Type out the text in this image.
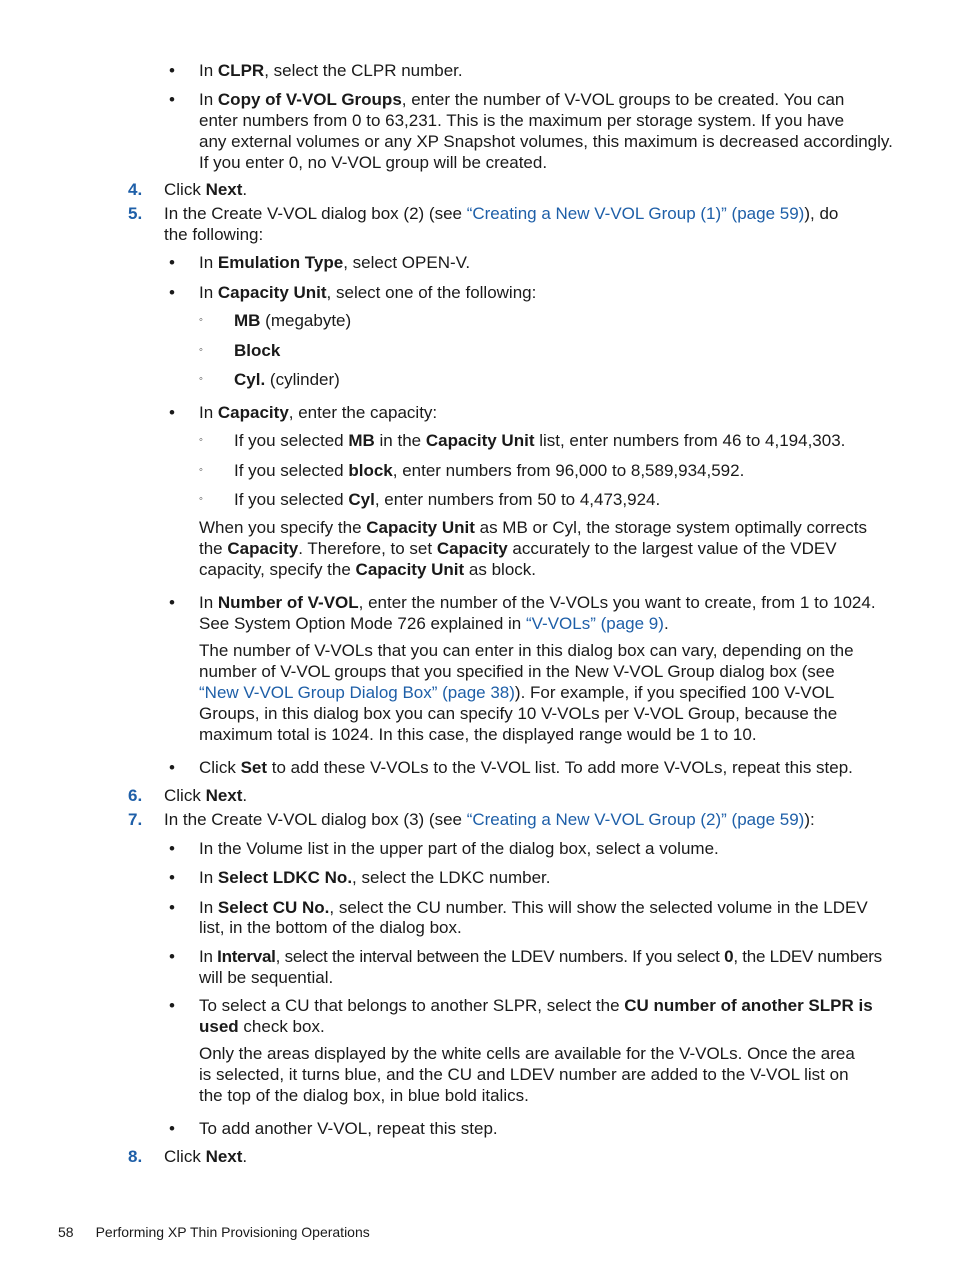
• In CLPR, select the CLPR number.
• In Copy of V-VOL Groups, enter the number of V-VOL groups to be created. You can
enter numbers from 0 to 63,231. This is the maximum per storage system. If you have
any external volumes or any XP Snapshot volumes, this maximum is decreased accordingly.
If you enter 0, no V-VOL group will be created.
4. Click Next.
5. In the Create V-VOL dialog box (2) (see “Creating a New V-VOL Group (1)” (page 59)), do
the following:
• In Emulation Type, select OPEN-V.
• In Capacity Unit, select one of the following:
◦ MB (megabyte)
◦ Block
◦ Cyl. (cylinder)
• In Capacity, enter the capacity:
◦ If you selected MB in the Capacity Unit list, enter numbers from 46 to 4,194,303.
◦ If you selected block, enter numbers from 96,000 to 8,589,934,592.
◦ If you selected Cyl, enter numbers from 50 to 4,473,924.
When you specify the Capacity Unit as MB or Cyl, the storage system optimally corrects
the Capacity. Therefore, to set Capacity accurately to the largest value of the VDEV
capacity, specify the Capacity Unit as block.
• In Number of V-VOL, enter the number of the V-VOLs you want to create, from 1 to 1024.
See System Option Mode 726 explained in “V-VOLs” (page 9).
The number of V-VOLs that you can enter in this dialog box can vary, depending on the
number of V-VOL groups that you specified in the New V-VOL Group dialog box (see
“New V-VOL Group Dialog Box” (page 38)). For example, if you specified 100 V-VOL
Groups, in this dialog box you can specify 10 V-VOLs per V-VOL Group, because the
maximum total is 1024. In this case, the displayed range would be 1 to 10.
• Click Set to add these V-VOLs to the V-VOL list. To add more V-VOLs, repeat this step.
6. Click Next.
7. In the Create V-VOL dialog box (3) (see “Creating a New V-VOL Group (2)” (page 59)):
• In the Volume list in the upper part of the dialog box, select a volume.
• In Select LDKC No., select the LDKC number.
• In Select CU No., select the CU number. This will show the selected volume in the LDEV
list, in the bottom of the dialog box.
• In Interval, select the interval between the LDEV numbers. If you select 0, the LDEV numbers
will be sequential.
• To select a CU that belongs to another SLPR, select the CU number of another SLPR is
used check box.
Only the areas displayed by the white cells are available for the V-VOLs. Once the area
is selected, it turns blue, and the CU and LDEV number are added to the V-VOL list on
the top of the dialog box, in blue bold italics.
• To add another V-VOL, repeat this step.
8. Click Next.
58 Performing XP Thin Provisioning Operations
